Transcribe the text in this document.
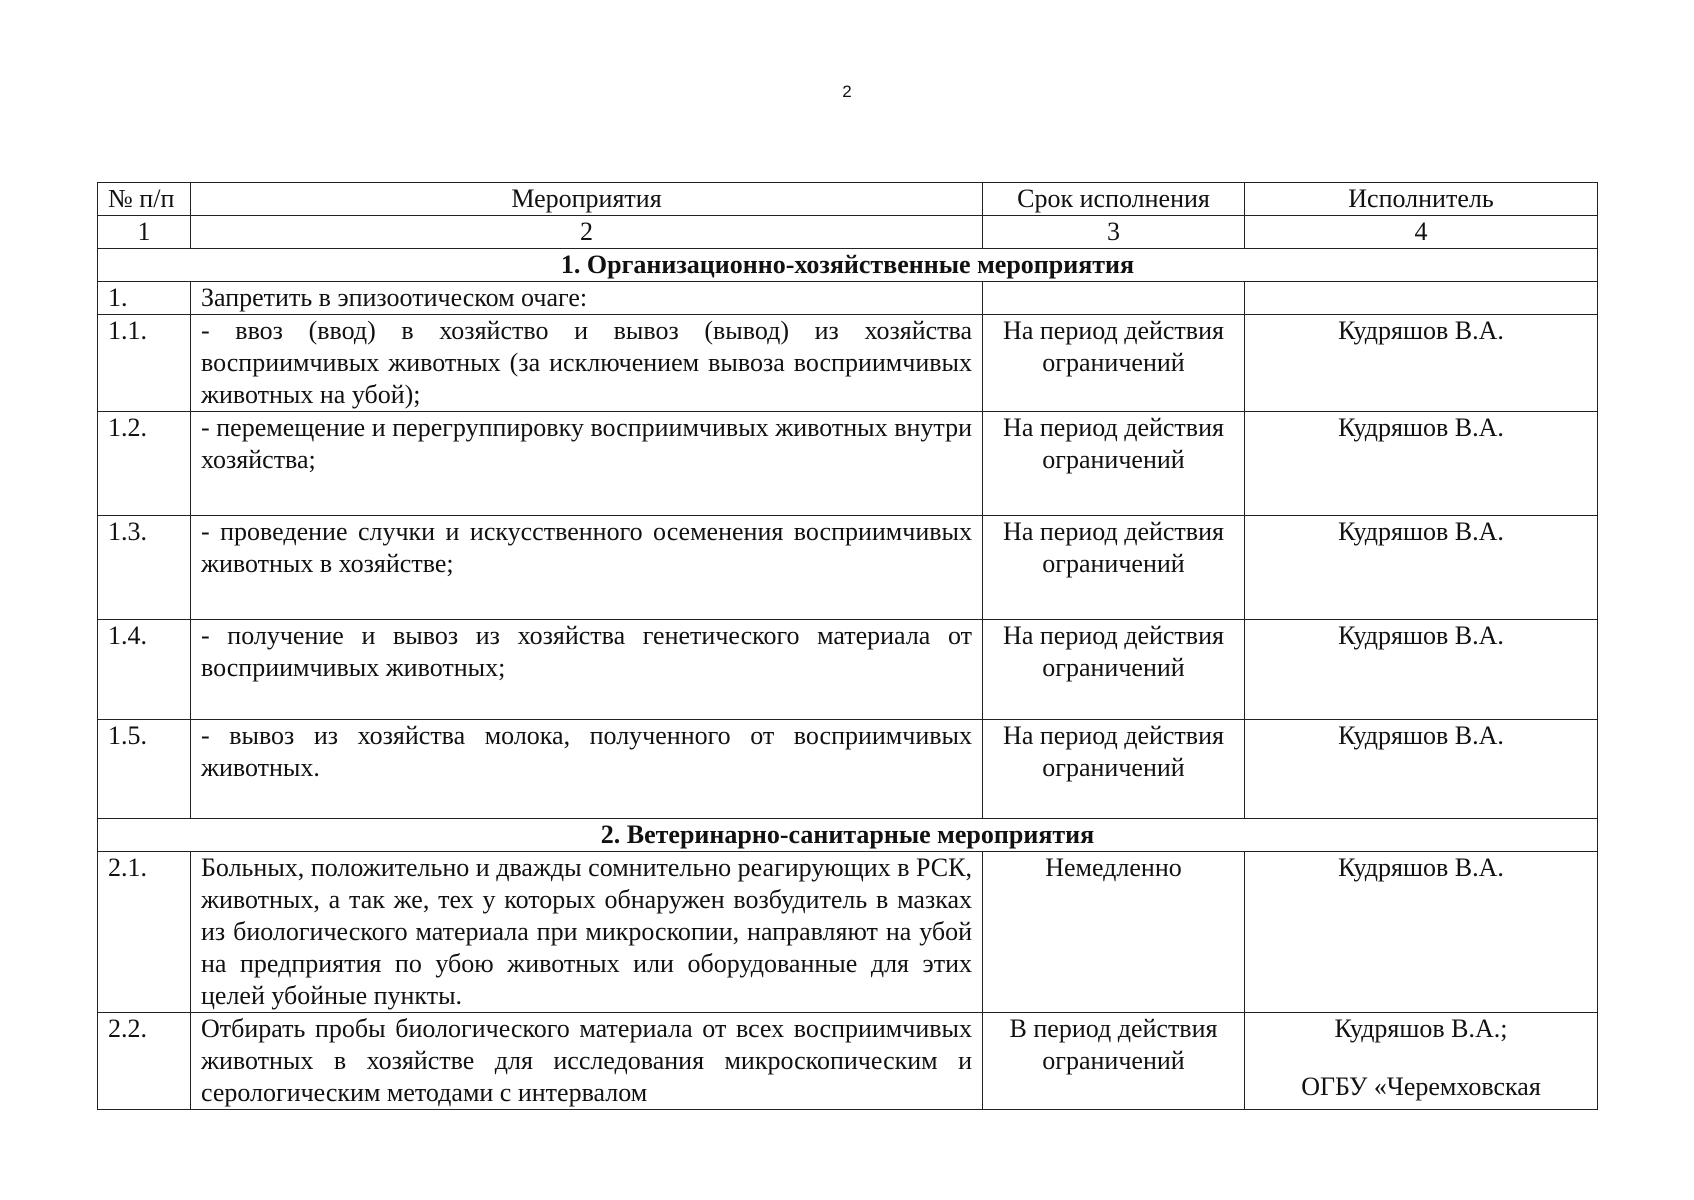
2
№ п/п	Мероприятия	Срок исполнения	Исполнитель
1	2	3	4
1. Организационно-хозяйственные мероприятия			
1.	Запретить в эпизоотическом очаге:		
1.1.	- ввоз (ввод) в хозяйство и вывоз (вывод) из хозяйства восприимчивых животных (за исключением вывоза восприимчивых животных на убой);	На период действия ограничений	Кудряшов В.А.
1.2.	- перемещение и перегруппировку восприимчивых животных внутри хозяйства;	На период действия ограничений	Кудряшов В.А.
1.3.	- проведение случки и искусственного осеменения восприимчивых животных в хозяйстве;	На период действия ограничений	Кудряшов В.А.
1.4.	- получение и вывоз из хозяйства генетического материала от восприимчивых животных;	На период действия ограничений	Кудряшов В.А.
1.5.	- вывоз из хозяйства молока, полученного от восприимчивых животных.	На период действия ограничений	Кудряшов В.А.
2. Ветеринарно-санитарные мероприятия			
2.1.	Больных, положительно и дважды сомнительно реагирующих в РСК, животных, а так же, тех у которых обнаружен возбудитель в мазках из биологического материала при микроскопии, направляют на убой на предприятия по убою животных или оборудованные для этих целей убойные пункты.	Немедленно	Кудряшов В.А.
2.2.	Отбирать пробы биологического материала от всех восприимчивых животных в хозяйстве для исследования микроскопическим и серологическим методами с интервалом	В период действия ограничений	Кудряшов В.А.;
ОГБУ «Черемховская
